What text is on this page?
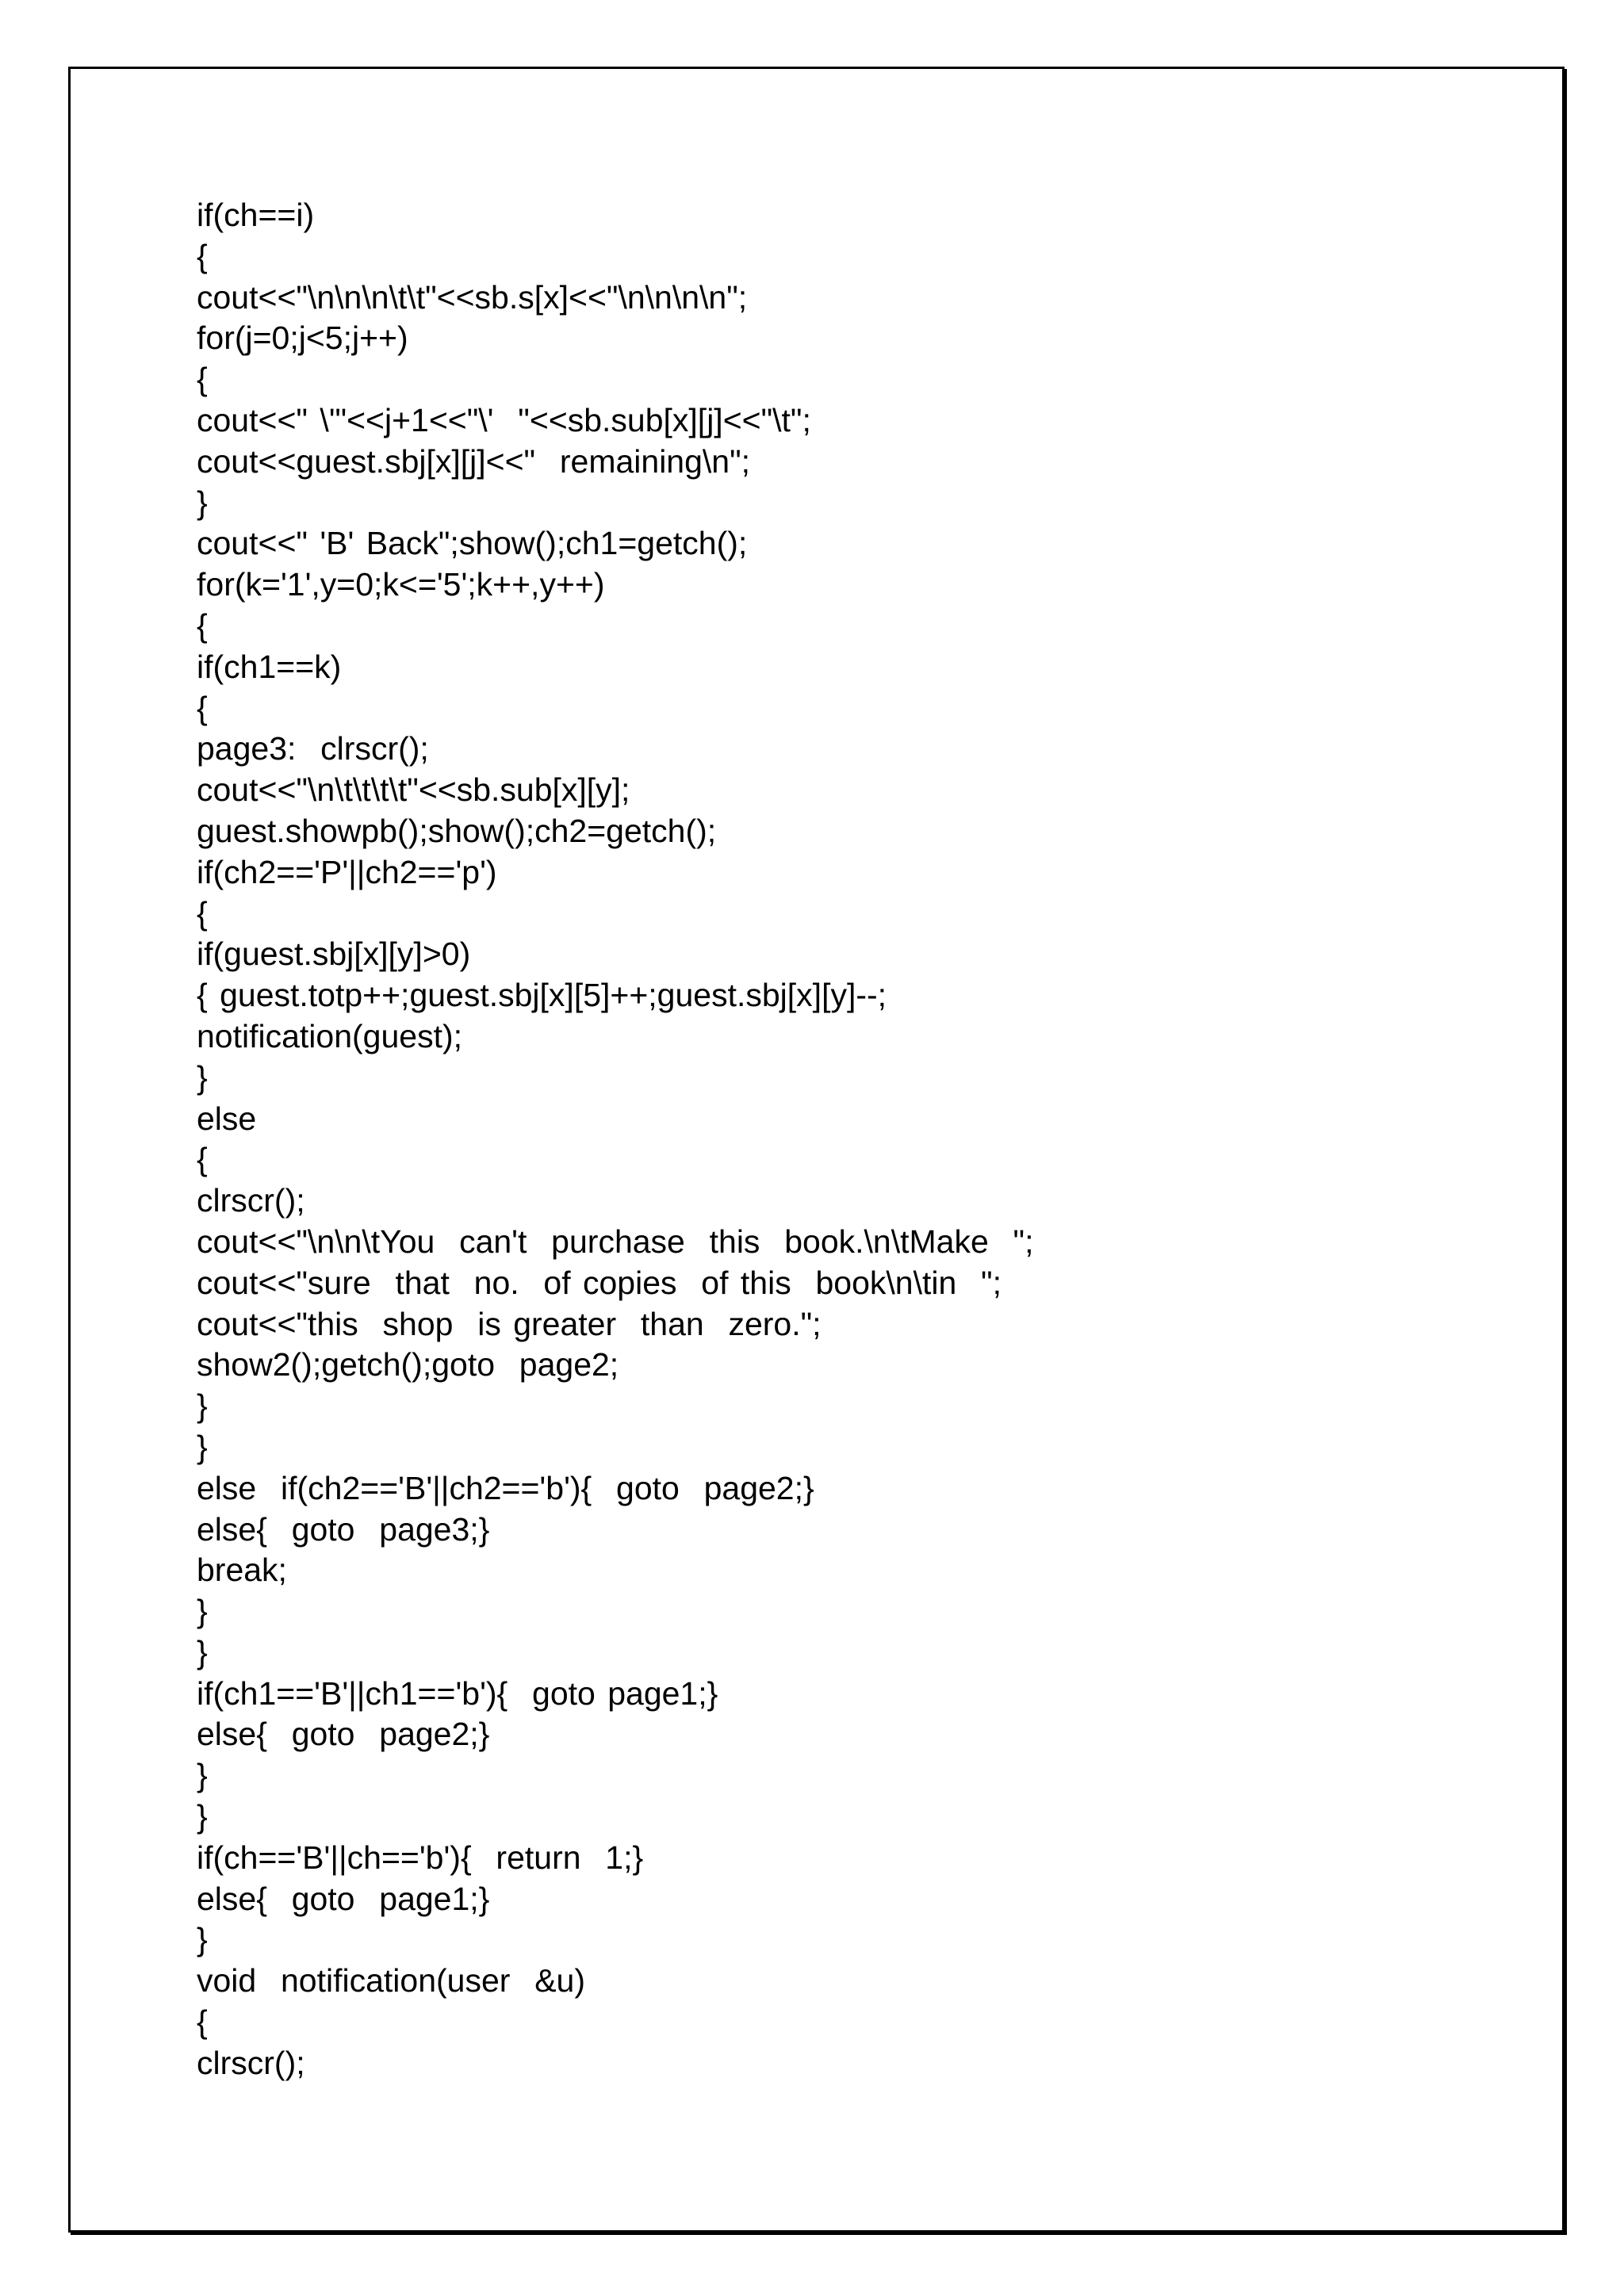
if(ch==i)
{
cout<<"\n\n\n\t\t"<<sb.s[x]<<"\n\n\n\n";
for(j=0;j<5;j++)
{
cout<<" \'"<<j+1<<"\'  "<<sb.sub[x][j]<<"\t";
cout<<guest.sbj[x][j]<<"  remaining\n";
}
cout<<" 'B' Back";show();ch1=getch();
for(k='1',y=0;k<='5';k++,y++)
{
if(ch1==k)
{
page3:  clrscr();
cout<<"\n\t\t\t\t"<<sb.sub[x][y];
guest.showpb();show();ch2=getch();
if(ch2=='P'||ch2=='p')
{
if(guest.sbj[x][y]>0)
{ guest.totp++;guest.sbj[x][5]++;guest.sbj[x][y]--;
notification(guest);
}
else
{
clrscr();
cout<<"\n\n\tYou  can't  purchase  this  book.\n\tMake  ";
cout<<"sure  that  no.  of copies  of this  book\n\tin  ";
cout<<"this  shop  is greater  than  zero.";
show2();getch();goto  page2;
}
}
else  if(ch2=='B'||ch2=='b'){  goto  page2;}
else{  goto  page3;}
break;
}
}
if(ch1=='B'||ch1=='b'){  goto page1;}
else{  goto  page2;}
}
}
if(ch=='B'||ch=='b'){  return  1;}
else{  goto  page1;}
}
void  notification(user  &u)
{
clrscr();
